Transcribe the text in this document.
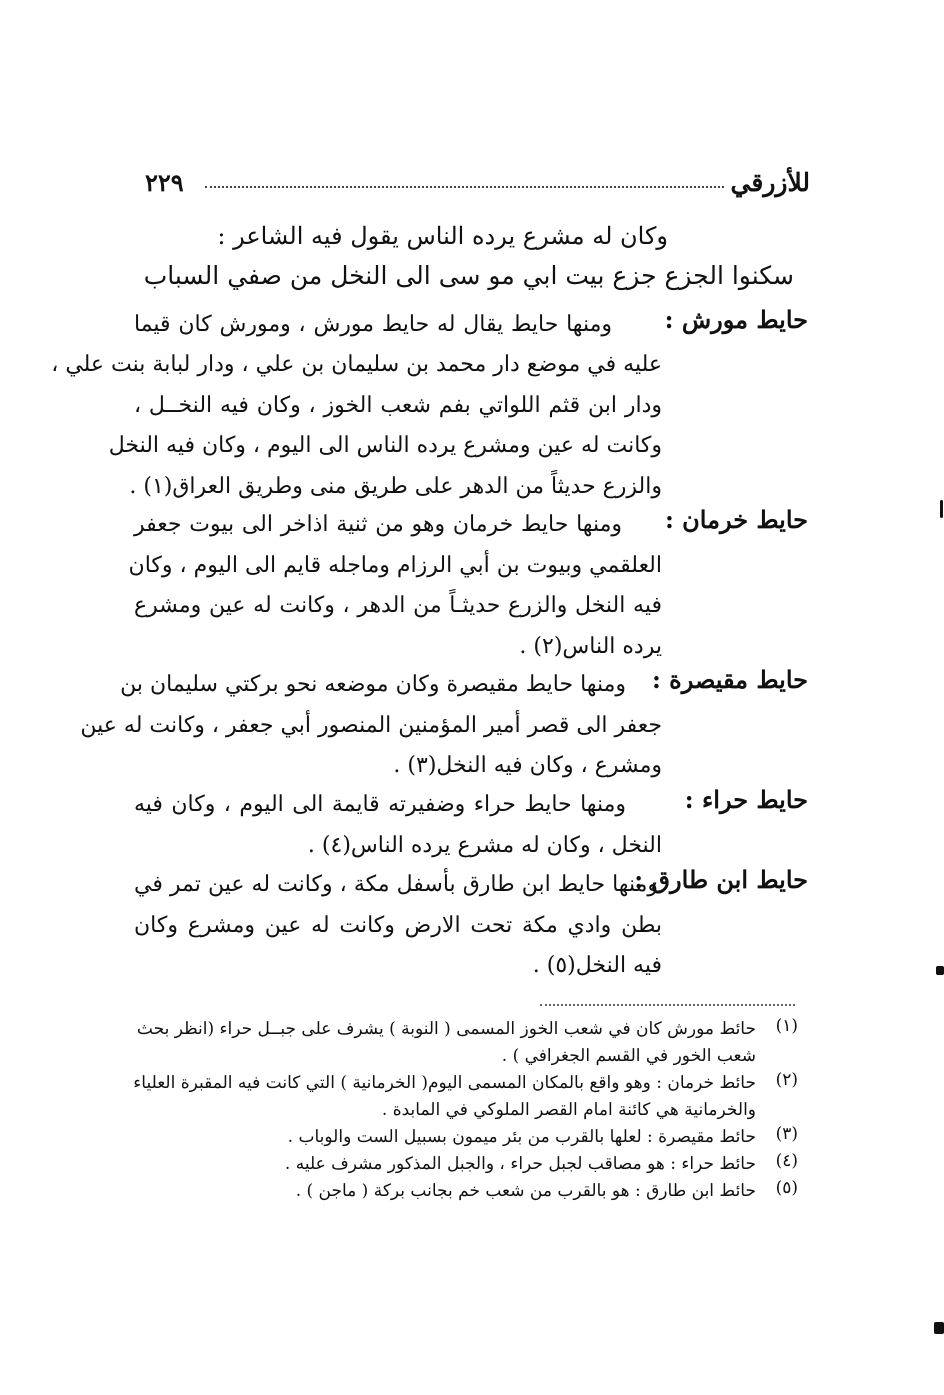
للأزرقي
٢٢٩
وكان له مشرع يرده الناس يقول فيه الشاعر :
سكنوا الجزع جزع بيت ابي مو سى الى النخل من صفي السباب
حايط مورش :
ومنها حايط يقال له حايط مورش ، ومورش كان قيما
عليه في موضع دار محمد بن سليمان بن علي ، ودار لبابة بنت علي ،
ودار ابن قثم اللواتي بفم شعب الخوز ، وكان فيه النخــل ،
وكانت له عين ومشرع يرده الناس الى اليوم ، وكان فيه النخل
والزرع حديثاً من الدهر على طريق منى وطريق العراق(١) .
حايط خرمان :
ومنها حايط خرمان وهو من ثنية اذاخر الى بيوت جعفر
العلقمي وبيوت بن أبي الرزام وماجله قايم الى اليوم ، وكان
فيه النخل والزرع حديثـاً من الدهر ، وكانت له عين ومشرع
يرده الناس(٢) .
حايط مقيصرة :
ومنها حايط مقيصرة وكان موضعه نحو بركتي سليمان بن
جعفر الى قصر أمير المؤمنين المنصور أبي جعفر ، وكانت له عين
ومشرع ، وكان فيه النخل(٣) .
حايط حراء :
ومنها حايط حراء وضفيرته قايمة الى اليوم ، وكان فيه
النخل ، وكان له مشرع يرده الناس(٤) .
حايط ابن طارق :
ومنها حايط ابن طارق بأسفل مكة ، وكانت له عين تمر في
بطن وادي مكة تحت الارض وكانت له عين ومشرع وكان
فيه النخل(٥) .
(١)
حائط مورش كان في شعب الخوز المسمى ( النوبة ) يشرف على جبــل حراء (انظر بحث
شعب الخور في القسم الجغرافي ) .
(٢)
حائط خرمان : وهو واقع بالمكان المسمى اليوم( الخرمانية ) التي كانت فيه المقبرة العلياء
والخرمانية هي كائنة امام القصر الملوكي في المابدة .
(٣)
حائط مقيصرة : لعلها بالقرب من بئر ميمون بسبيل الست والوباب .
(٤)
حائط حراء : هو مصاقب لجبل حراء ، والجبل المذكور مشرف عليه .
(٥)
حائط ابن طارق : هو بالقرب من شعب خم بجانب بركة ( ماجن ) .
